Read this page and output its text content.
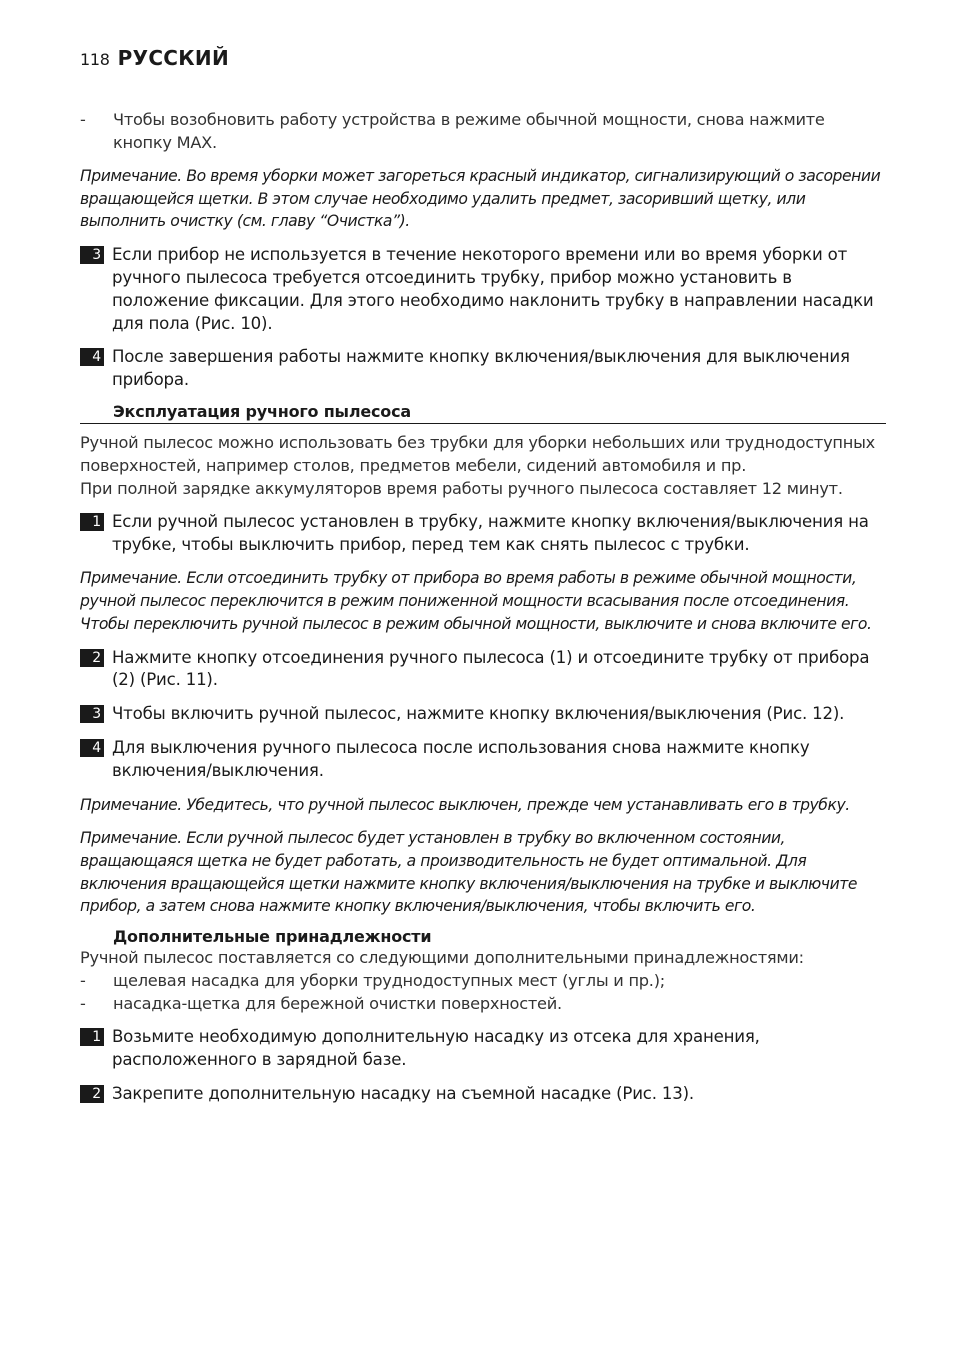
118 РУССКИЙ
-	Чтобы возобновить работу устройства в режиме обычной мощности, снова нажмите кнопку MAX.
Примечание. Во время уборки может загореться красный индикатор, сигнализирующий о засорении вращающейся щетки. В этом случае необходимо удалить предмет, засоривший щетку, или выполнить очистку (см. главу “Очистка”).
3 Если прибор не используется в течение некоторого времени или во время уборки от ручного пылесоса требуется отсоединить трубку, прибор можно установить в положение фиксации. Для этого необходимо наклонить трубку в направлении насадки для пола (Рис. 10).
4 После завершения работы нажмите кнопку включения/выключения для выключения прибора.
Эксплуатация ручного пылесоса
Ручной пылесос можно использовать без трубки для уборки небольших или труднодоступных поверхностей, например столов, предметов мебели, сидений автомобиля и пр.
При полной зарядке аккумуляторов время работы ручного пылесоса составляет 12 минут.
1 Если ручной пылесос установлен в трубку, нажмите кнопку включения/выключения на трубке, чтобы выключить прибор, перед тем как снять пылесос с трубки.
Примечание. Если отсоединить трубку от прибора во время работы в режиме обычной мощности, ручной пылесос переключится в режим пониженной мощности всасывания после отсоединения. Чтобы переключить ручной пылесос в режим обычной мощности, выключите и снова включите его.
2 Нажмите кнопку отсоединения ручного пылесоса (1) и отсоедините трубку от прибора (2) (Рис. 11).
3 Чтобы включить ручной пылесос, нажмите кнопку включения/выключения (Рис. 12).
4 Для выключения ручного пылесоса после использования снова нажмите кнопку включения/выключения.
Примечание. Убедитесь, что ручной пылесос выключен, прежде чем устанавливать его в трубку.
Примечание. Если ручной пылесос будет установлен в трубку во включенном состоянии, вращающаяся щетка не будет работать, а производительность не будет оптимальной. Для включения вращающейся щетки нажмите кнопку включения/выключения на трубке и выключите прибор, а затем снова нажмите кнопку включения/выключения, чтобы включить его.
Дополнительные принадлежности
Ручной пылесос поставляется со следующими дополнительными принадлежностями:
-	щелевая насадка для уборки труднодоступных мест (углы и пр.);
-	насадка-щетка для бережной очистки поверхностей.
1 Возьмите необходимую дополнительную насадку из отсека для хранения, расположенного в зарядной базе.
2 Закрепите дополнительную насадку на съемной насадке (Рис. 13).
